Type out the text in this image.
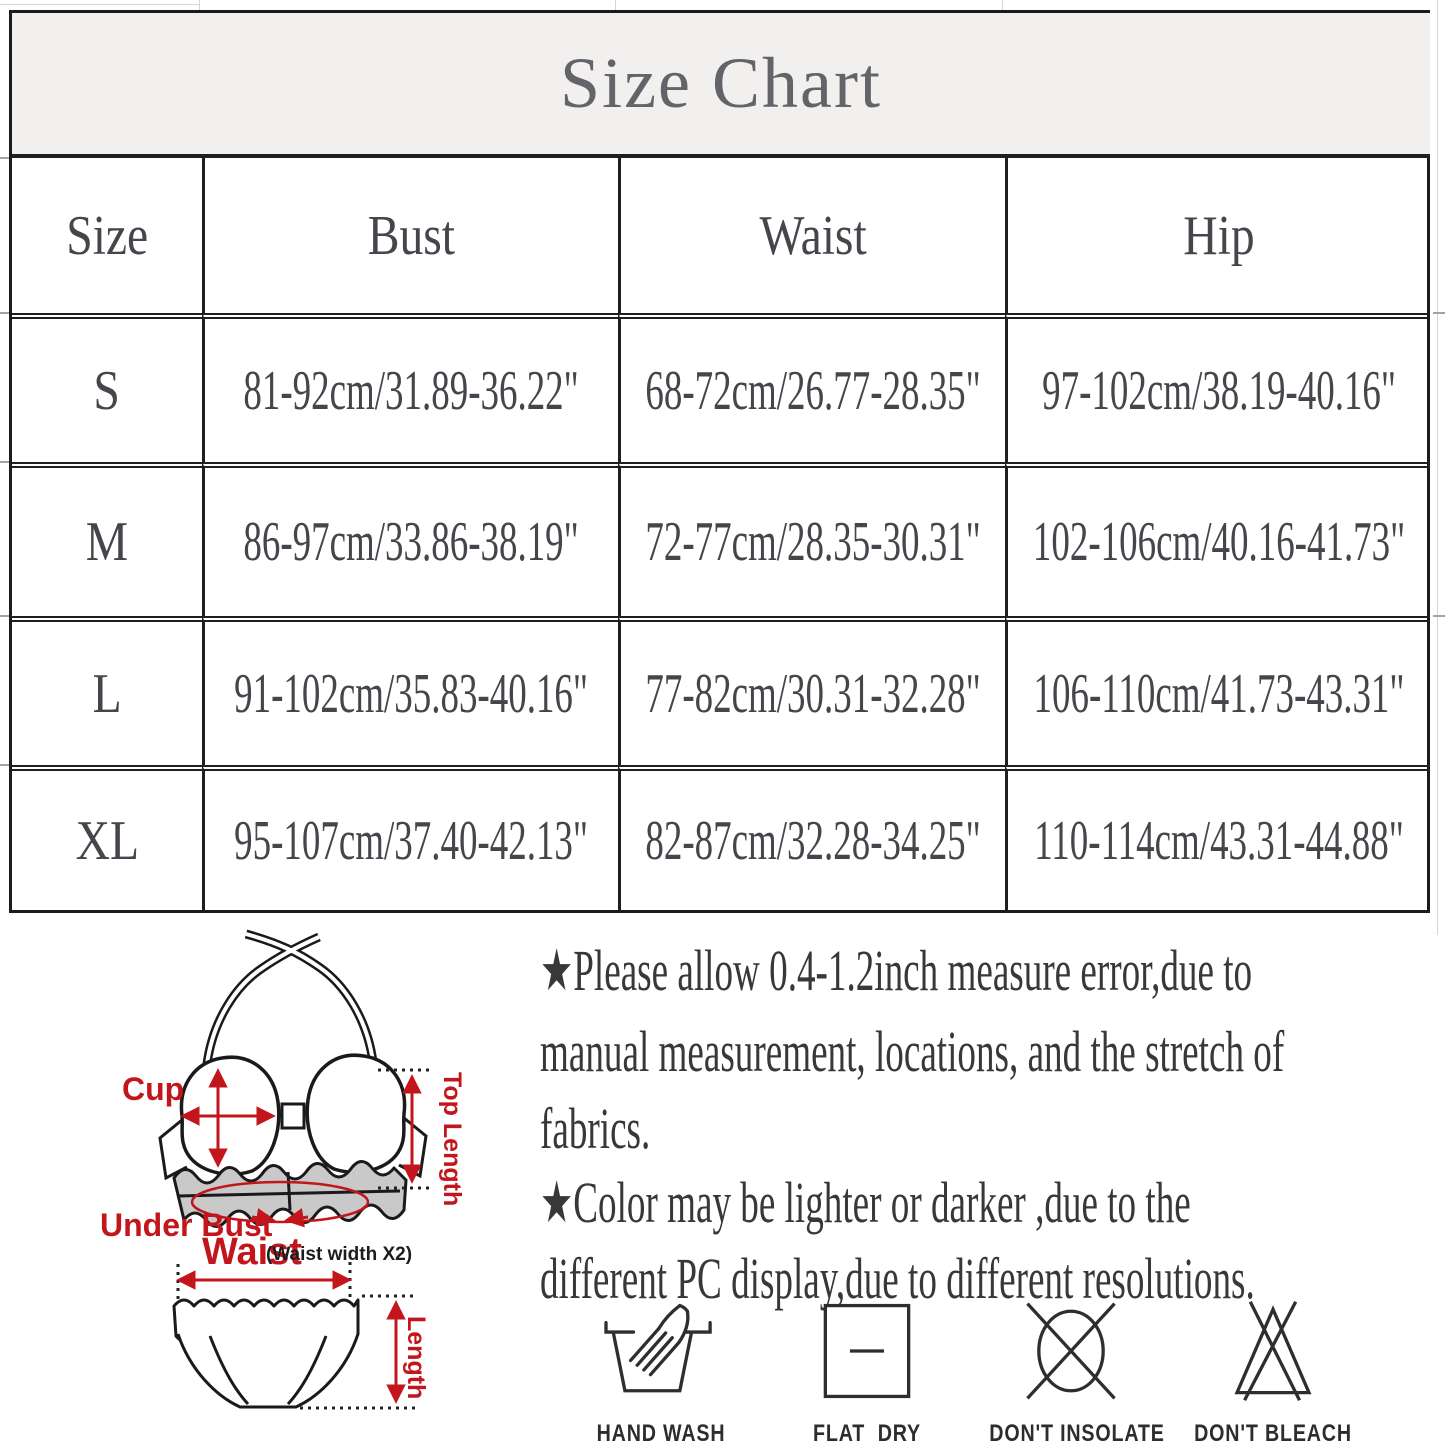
Size Chart
Size	Bust	Waist	Hip
S 81-92cm/31.89-36.22" 68-72cm/26.77-28.35" 97-102cm/38.19-40.16"
M 86-97cm/33.86-38.19" 72-77cm/28.35-30.31" 102-106cm/40.16-41.73"
L 91-102cm/35.83-40.16" 77-82cm/30.31-32.28" 106-110cm/41.73-43.31"
XL 95-107cm/37.40-42.13" 82-87cm/32.28-34.25" 110-114cm/43.31-44.88"
Cup
Under Bust
Top Length
Waist
(Waist width X2)
Length
★Please allow 0.4-1.2inch measure error,due to
manual measurement, locations, and the stretch of
fabrics.
★Color may be lighter or darker ,due to the
different PC display,due to different resolutions.
HAND WASH	FLAT  DRY	DON'T INSOLATE	DON'T BLEACH
